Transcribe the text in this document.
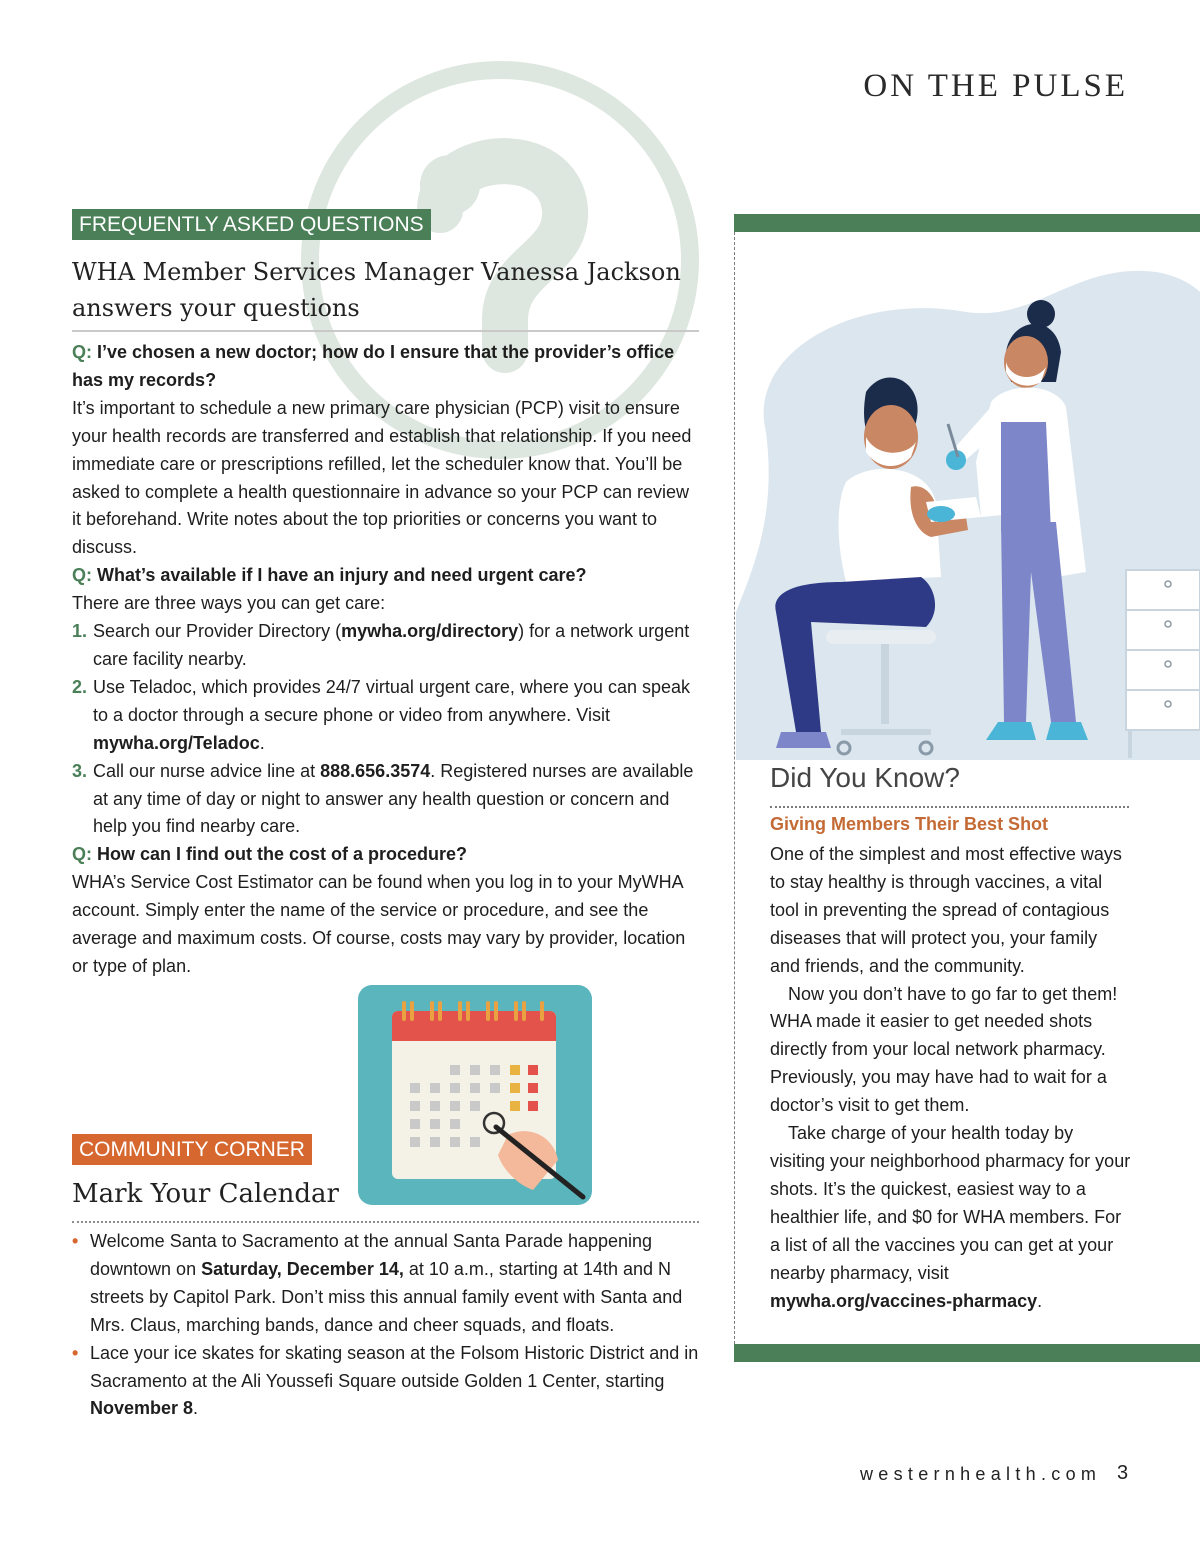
ON THE PULSE
FREQUENTLY ASKED QUESTIONS
WHA Member Services Manager Vanessa Jackson
answers your questions

Q: I’ve chosen a new doctor; how do I ensure that the provider’s office has my records?

It’s important to schedule a new primary care physician (PCP) visit to ensure your health records are transferred and establish that relationship. If you need immediate care or prescriptions refilled, let the scheduler know that. You’ll be asked to complete a health questionnaire in advance so your PCP can review it beforehand. Write notes about the top priorities or concerns you want to discuss.

Q: What’s available if I have an injury and need urgent care?

There are three ways you can get care:

1. Search our Provider Directory (mywha.org/directory) for a network urgent care facility nearby.
2. Use Teladoc, which provides 24/7 virtual urgent care, where you can speak to a doctor through a secure phone or video from anywhere. Visit mywha.org/Teladoc.
3. Call our nurse advice line at 888.656.3574. Registered nurses are available at any time of day or night to answer any health question or concern and help you find nearby care.

Q: How can I find out the cost of a procedure?

WHA’s Service Cost Estimator can be found when you log in to your MyWHA account. Simply enter the name of the service or procedure, and see the average and maximum costs. Of course, costs may vary by provider, location or type of plan.

COMMUNITY CORNER
Mark Your Calendar
• Welcome Santa to Sacramento at the annual Santa Parade happening downtown on Saturday, December 14, at 10 a.m., starting at 14th and N streets by Capitol Park. Don’t miss this annual family event with Santa and Mrs. Claus, marching bands, dance and cheer squads, and floats.
• Lace your ice skates for skating season at the Folsom Historic District and in Sacramento at the Ali Youssefi Square outside Golden 1 Center, starting November 8.
Did You Know?
Giving Members Their Best Shot

One of the simplest and most effective ways to stay healthy is through vaccines, a vital tool in preventing the spread of contagious diseases that will protect you, your family and friends, and the community.

Now you don’t have to go far to get them! WHA made it easier to get needed shots directly from your local network pharmacy. Previously, you may have had to wait for a doctor’s visit to get them.

Take charge of your health today by visiting your neighborhood pharmacy for your shots. It’s the quickest, easiest way to a healthier life, and $0 for WHA members. For a list of all the vaccines you can get at your nearby pharmacy, visit mywha.org/vaccines-pharmacy.

westernhealth.com 3
